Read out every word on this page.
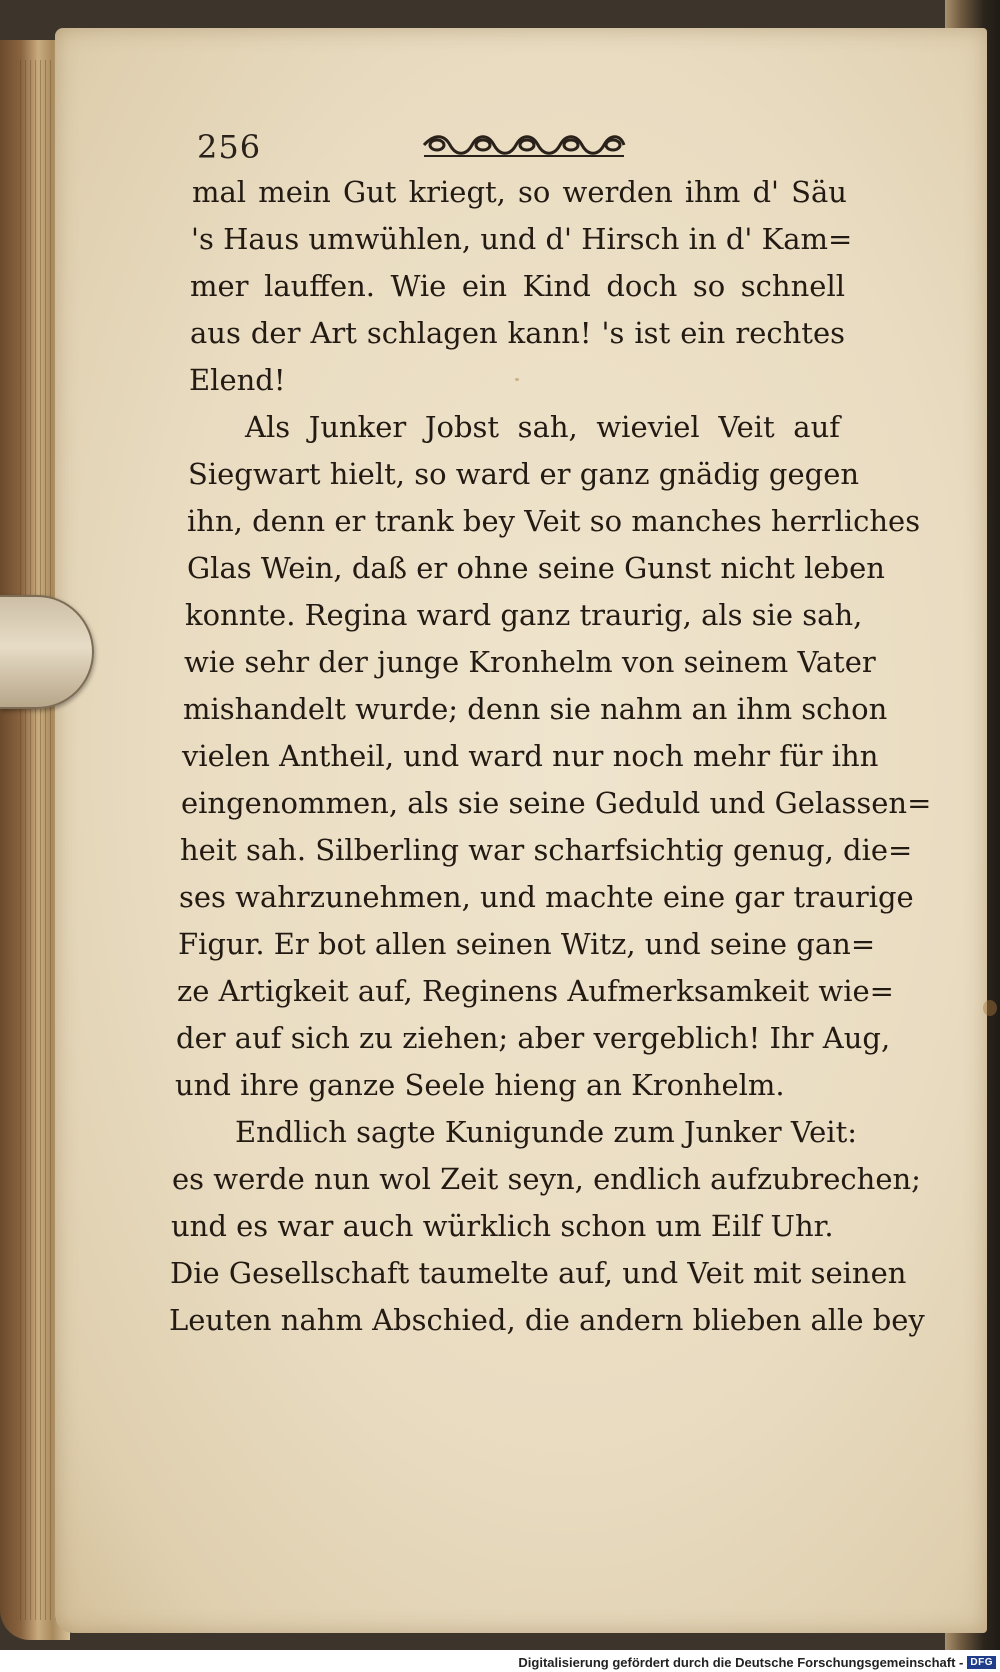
256
mal mein Gut kriegt, so werden ihm d' Säu
's Haus umwühlen, und d' Hirsch in d' Kam=
mer lauffen. Wie ein Kind doch so schnell
aus der Art schlagen kann! 's ist ein rechtes
Elend!
Als Junker Jobst sah, wieviel Veit auf
Siegwart hielt, so ward er ganz gnädig gegen
ihn, denn er trank bey Veit so manches herrliches
Glas Wein, daß er ohne seine Gunst nicht leben
konnte. Regina ward ganz traurig, als sie sah,
wie sehr der junge Kronhelm von seinem Vater
mishandelt wurde; denn sie nahm an ihm schon
vielen Antheil, und ward nur noch mehr für ihn
eingenommen, als sie seine Geduld und Gelassen=
heit sah. Silberling war scharfsichtig genug, die=
ses wahrzunehmen, und machte eine gar traurige
Figur. Er bot allen seinen Witz, und seine gan=
ze Artigkeit auf, Reginens Aufmerksamkeit wie=
der auf sich zu ziehen; aber vergeblich! Ihr Aug,
und ihre ganze Seele hieng an Kronhelm.
Endlich sagte Kunigunde zum Junker Veit:
es werde nun wol Zeit seyn, endlich aufzubrechen;
und es war auch würklich schon um Eilf Uhr.
Die Gesellschaft taumelte auf, und Veit mit seinen
Leuten nahm Abschied, die andern blieben alle bey
Digitalisierung gefördert durch die Deutsche Forschungsgemeinschaft - DFG
